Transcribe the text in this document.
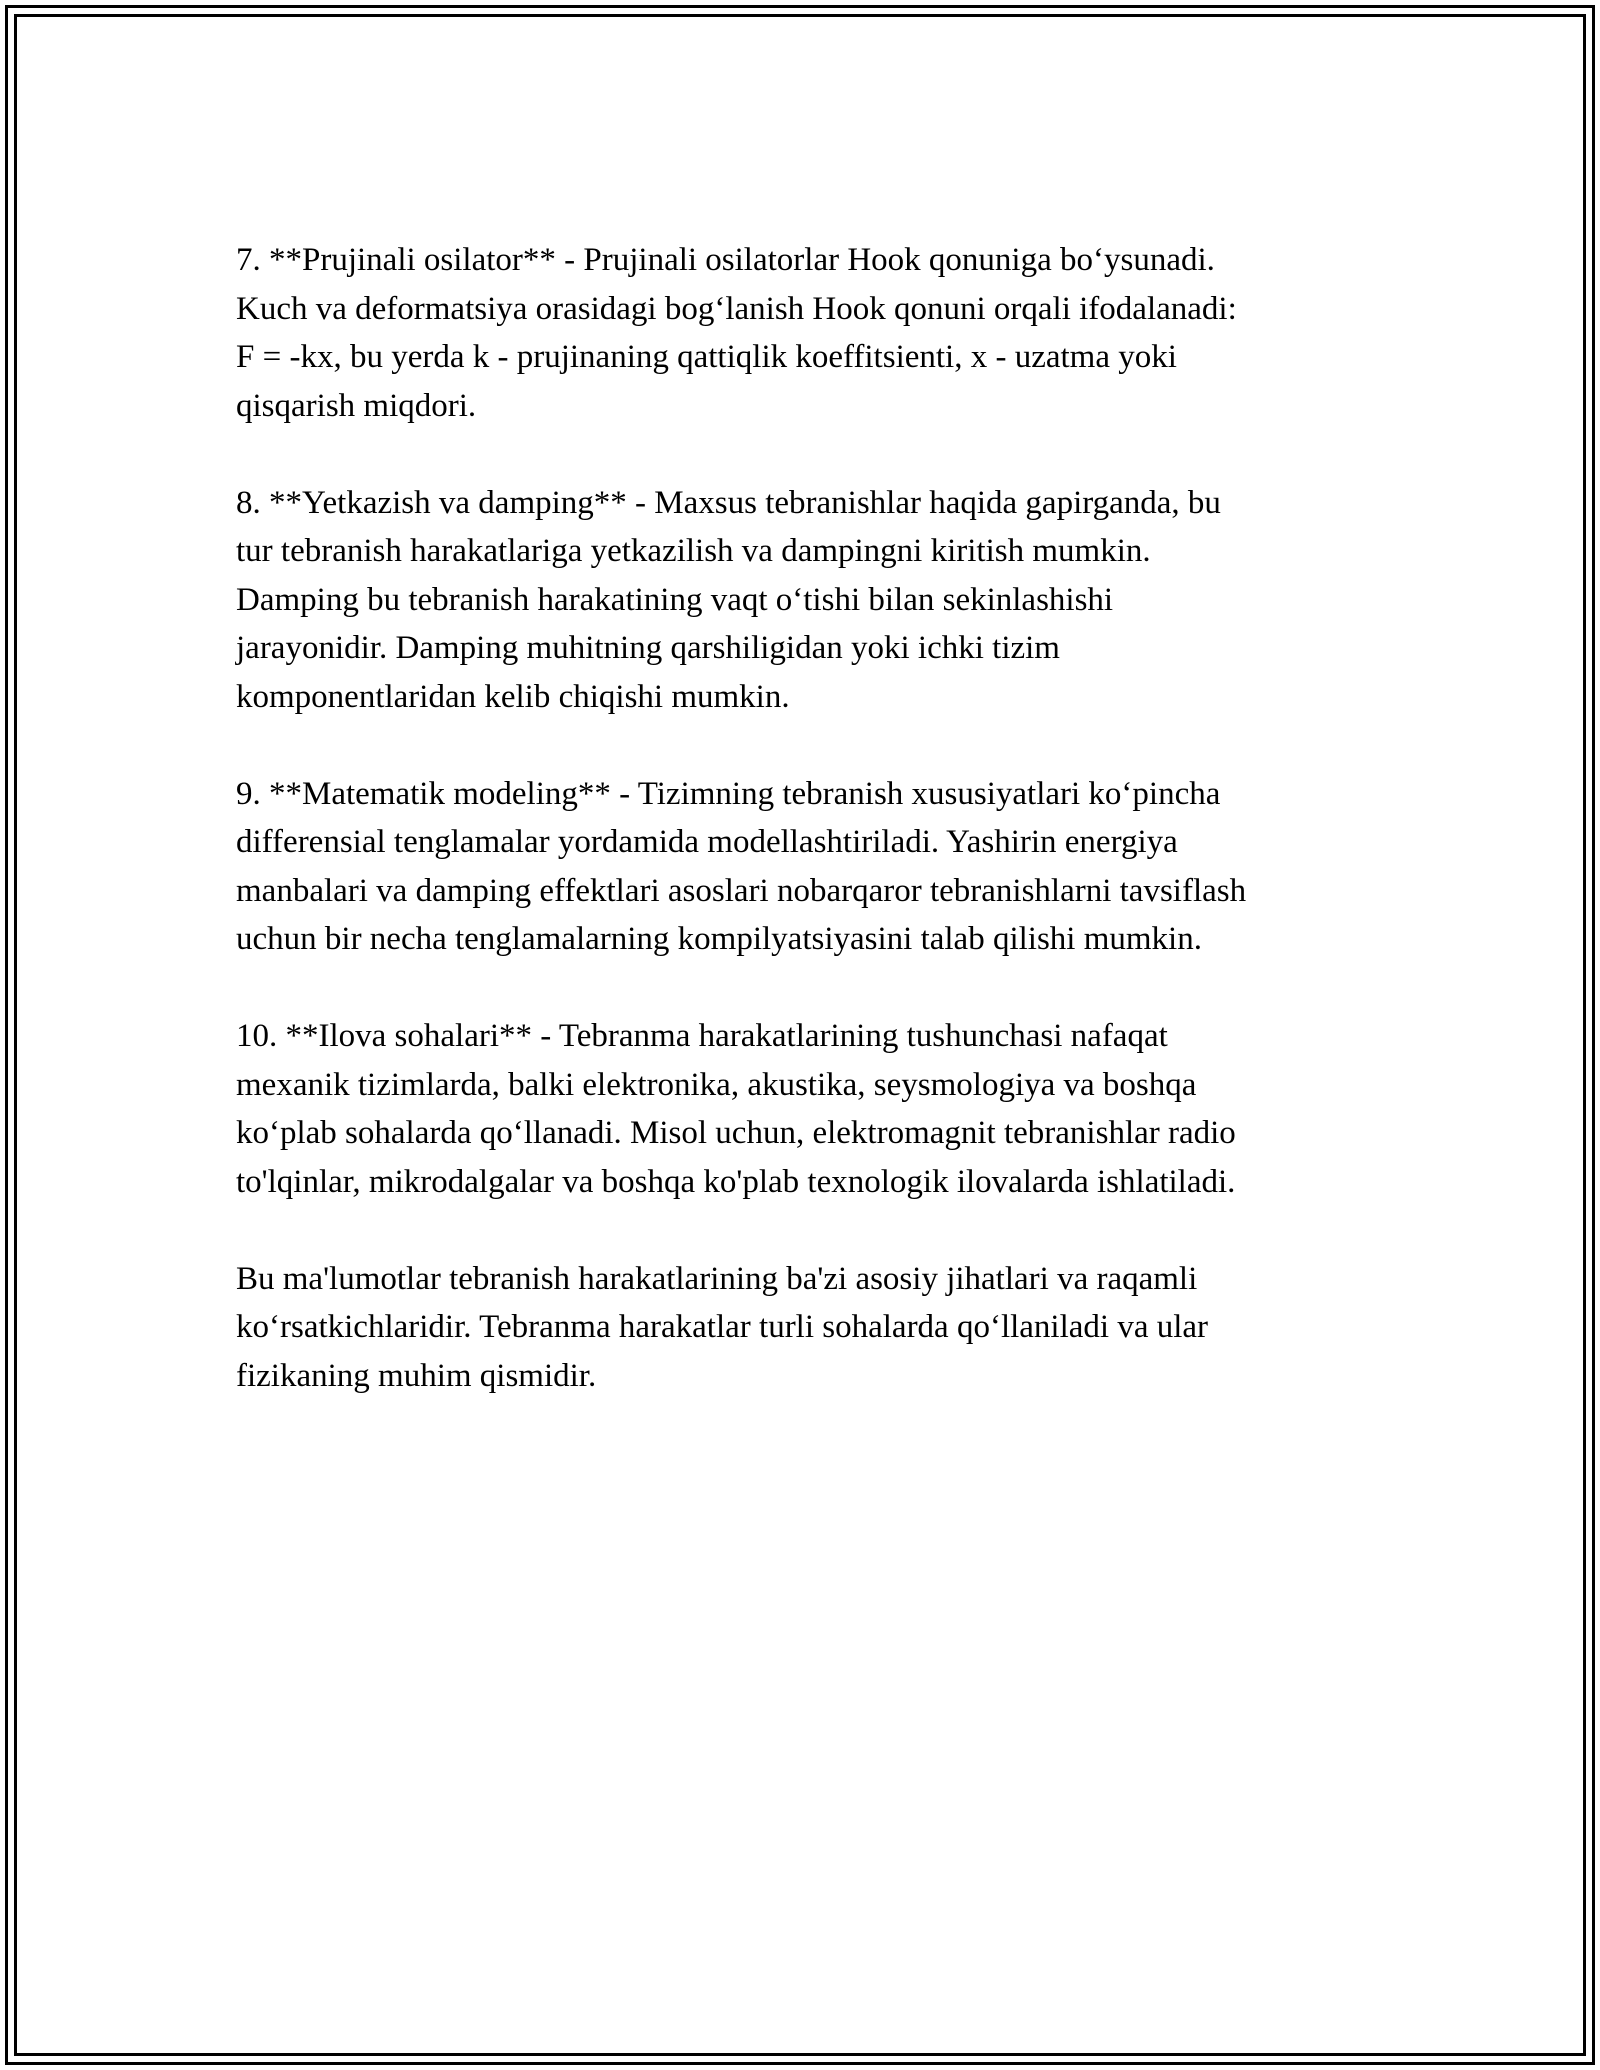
7. **Prujinali osilator** - Prujinali osilatorlar Hook qonuniga bo‘ysunadi.
Kuch va deformatsiya orasidagi bog‘lanish Hook qonuni orqali ifodalanadi:
F = -kx, bu yerda k - prujinaning qattiqlik koeffitsienti, x - uzatma yoki
qisqarish miqdori.

8. **Yetkazish va damping** - Maxsus tebranishlar haqida gapirganda, bu
tur tebranish harakatlariga yetkazilish va dampingni kiritish mumkin.
Damping bu tebranish harakatining vaqt o‘tishi bilan sekinlashishi
jarayonidir. Damping muhitning qarshiligidan yoki ichki tizim
komponentlaridan kelib chiqishi mumkin.

9. **Matematik modeling** - Tizimning tebranish xususiyatlari ko‘pincha
differensial tenglamalar yordamida modellashtiriladi. Yashirin energiya
manbalari va damping effektlari asoslari nobarqaror tebranishlarni tavsiflash
uchun bir necha tenglamalarning kompilyatsiyasini talab qilishi mumkin.

10. **Ilova sohalari** - Tebranma harakatlarining tushunchasi nafaqat
mexanik tizimlarda, balki elektronika, akustika, seysmologiya va boshqa
ko‘plab sohalarda qo‘llanadi. Misol uchun, elektromagnit tebranishlar radio
to'lqinlar, mikrodalgalar va boshqa ko'plab texnologik ilovalarda ishlatiladi.

Bu ma'lumotlar tebranish harakatlarining ba'zi asosiy jihatlari va raqamli
ko‘rsatkichlaridir. Tebranma harakatlar turli sohalarda qo‘llaniladi va ular
fizikaning muhim qismidir.
